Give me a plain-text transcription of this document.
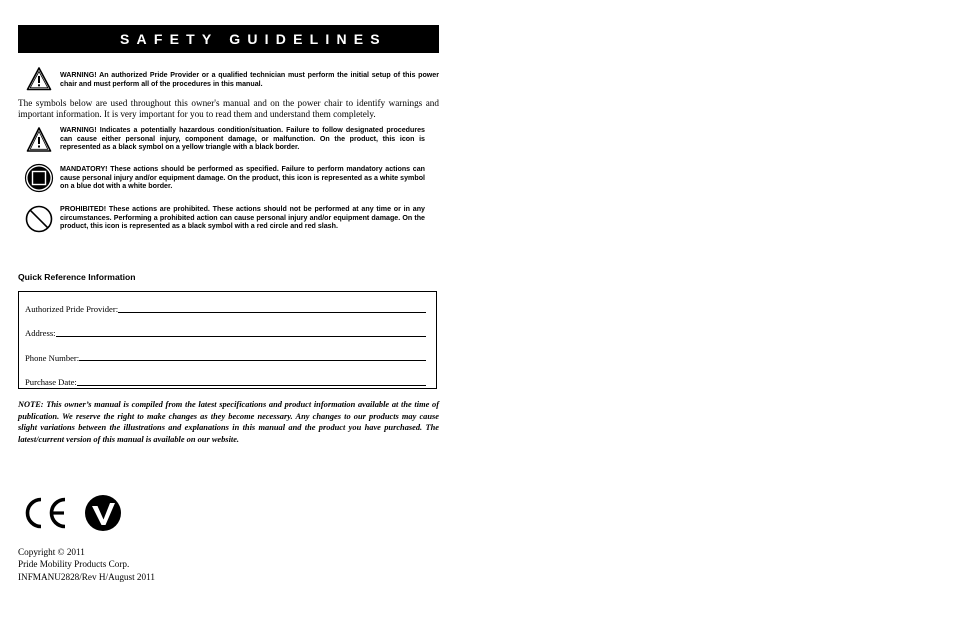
SAFETY GUIDELINES
WARNING! An authorized Pride Provider or a qualified technician must perform the initial setup of this power chair and must perform all of the procedures in this manual.
The symbols below are used throughout this owner's manual and on the power chair to identify warnings and important information. It is very important for you to read them and understand them completely.
WARNING! Indicates a potentially hazardous condition/situation. Failure to follow designated procedures can cause either personal injury, component damage, or malfunction. On the product, this icon is represented as a black symbol on a yellow triangle with a black border.
MANDATORY! These actions should be performed as specified. Failure to perform mandatory actions can cause personal injury and/or equipment damage. On the product, this icon is represented as a white symbol on a blue dot with a white border.
PROHIBITED! These actions are prohibited. These actions should not be performed at any time or in any circumstances. Performing a prohibited action can cause personal injury and/or equipment damage. On the product, this icon is represented as a black symbol with a red circle and red slash.
Quick Reference Information
Authorized Pride Provider:
Address:
Phone Number:
Purchase Date:
NOTE: This owner’s manual is compiled from the latest specifications and product information available at the time of publication. We reserve the right to make changes as they become necessary. Any changes to our products may cause slight variations between the illustrations and explanations in this manual and the product you have purchased. The latest/current version of this manual is available on our website.
Copyright © 2011
Pride Mobility Products Corp.
INFMANU2828/Rev H/August 2011
